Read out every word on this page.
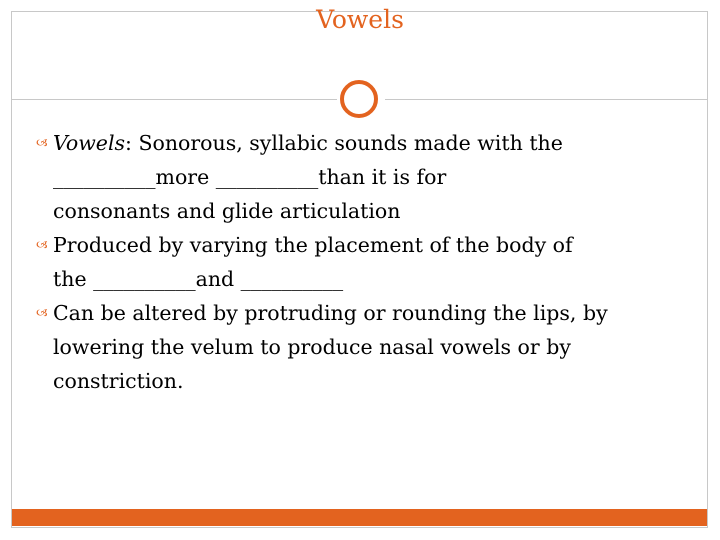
Vowels
🙢 Vowels: Sonorous, syllabic sounds made with the
__________more __________than it is for
consonants and glide articulation
🙢 Produced by varying the placement of the body of
the __________and __________
🙢 Can be altered by protruding or rounding the lips, by
lowering the velum to produce nasal vowels or by
constriction.
